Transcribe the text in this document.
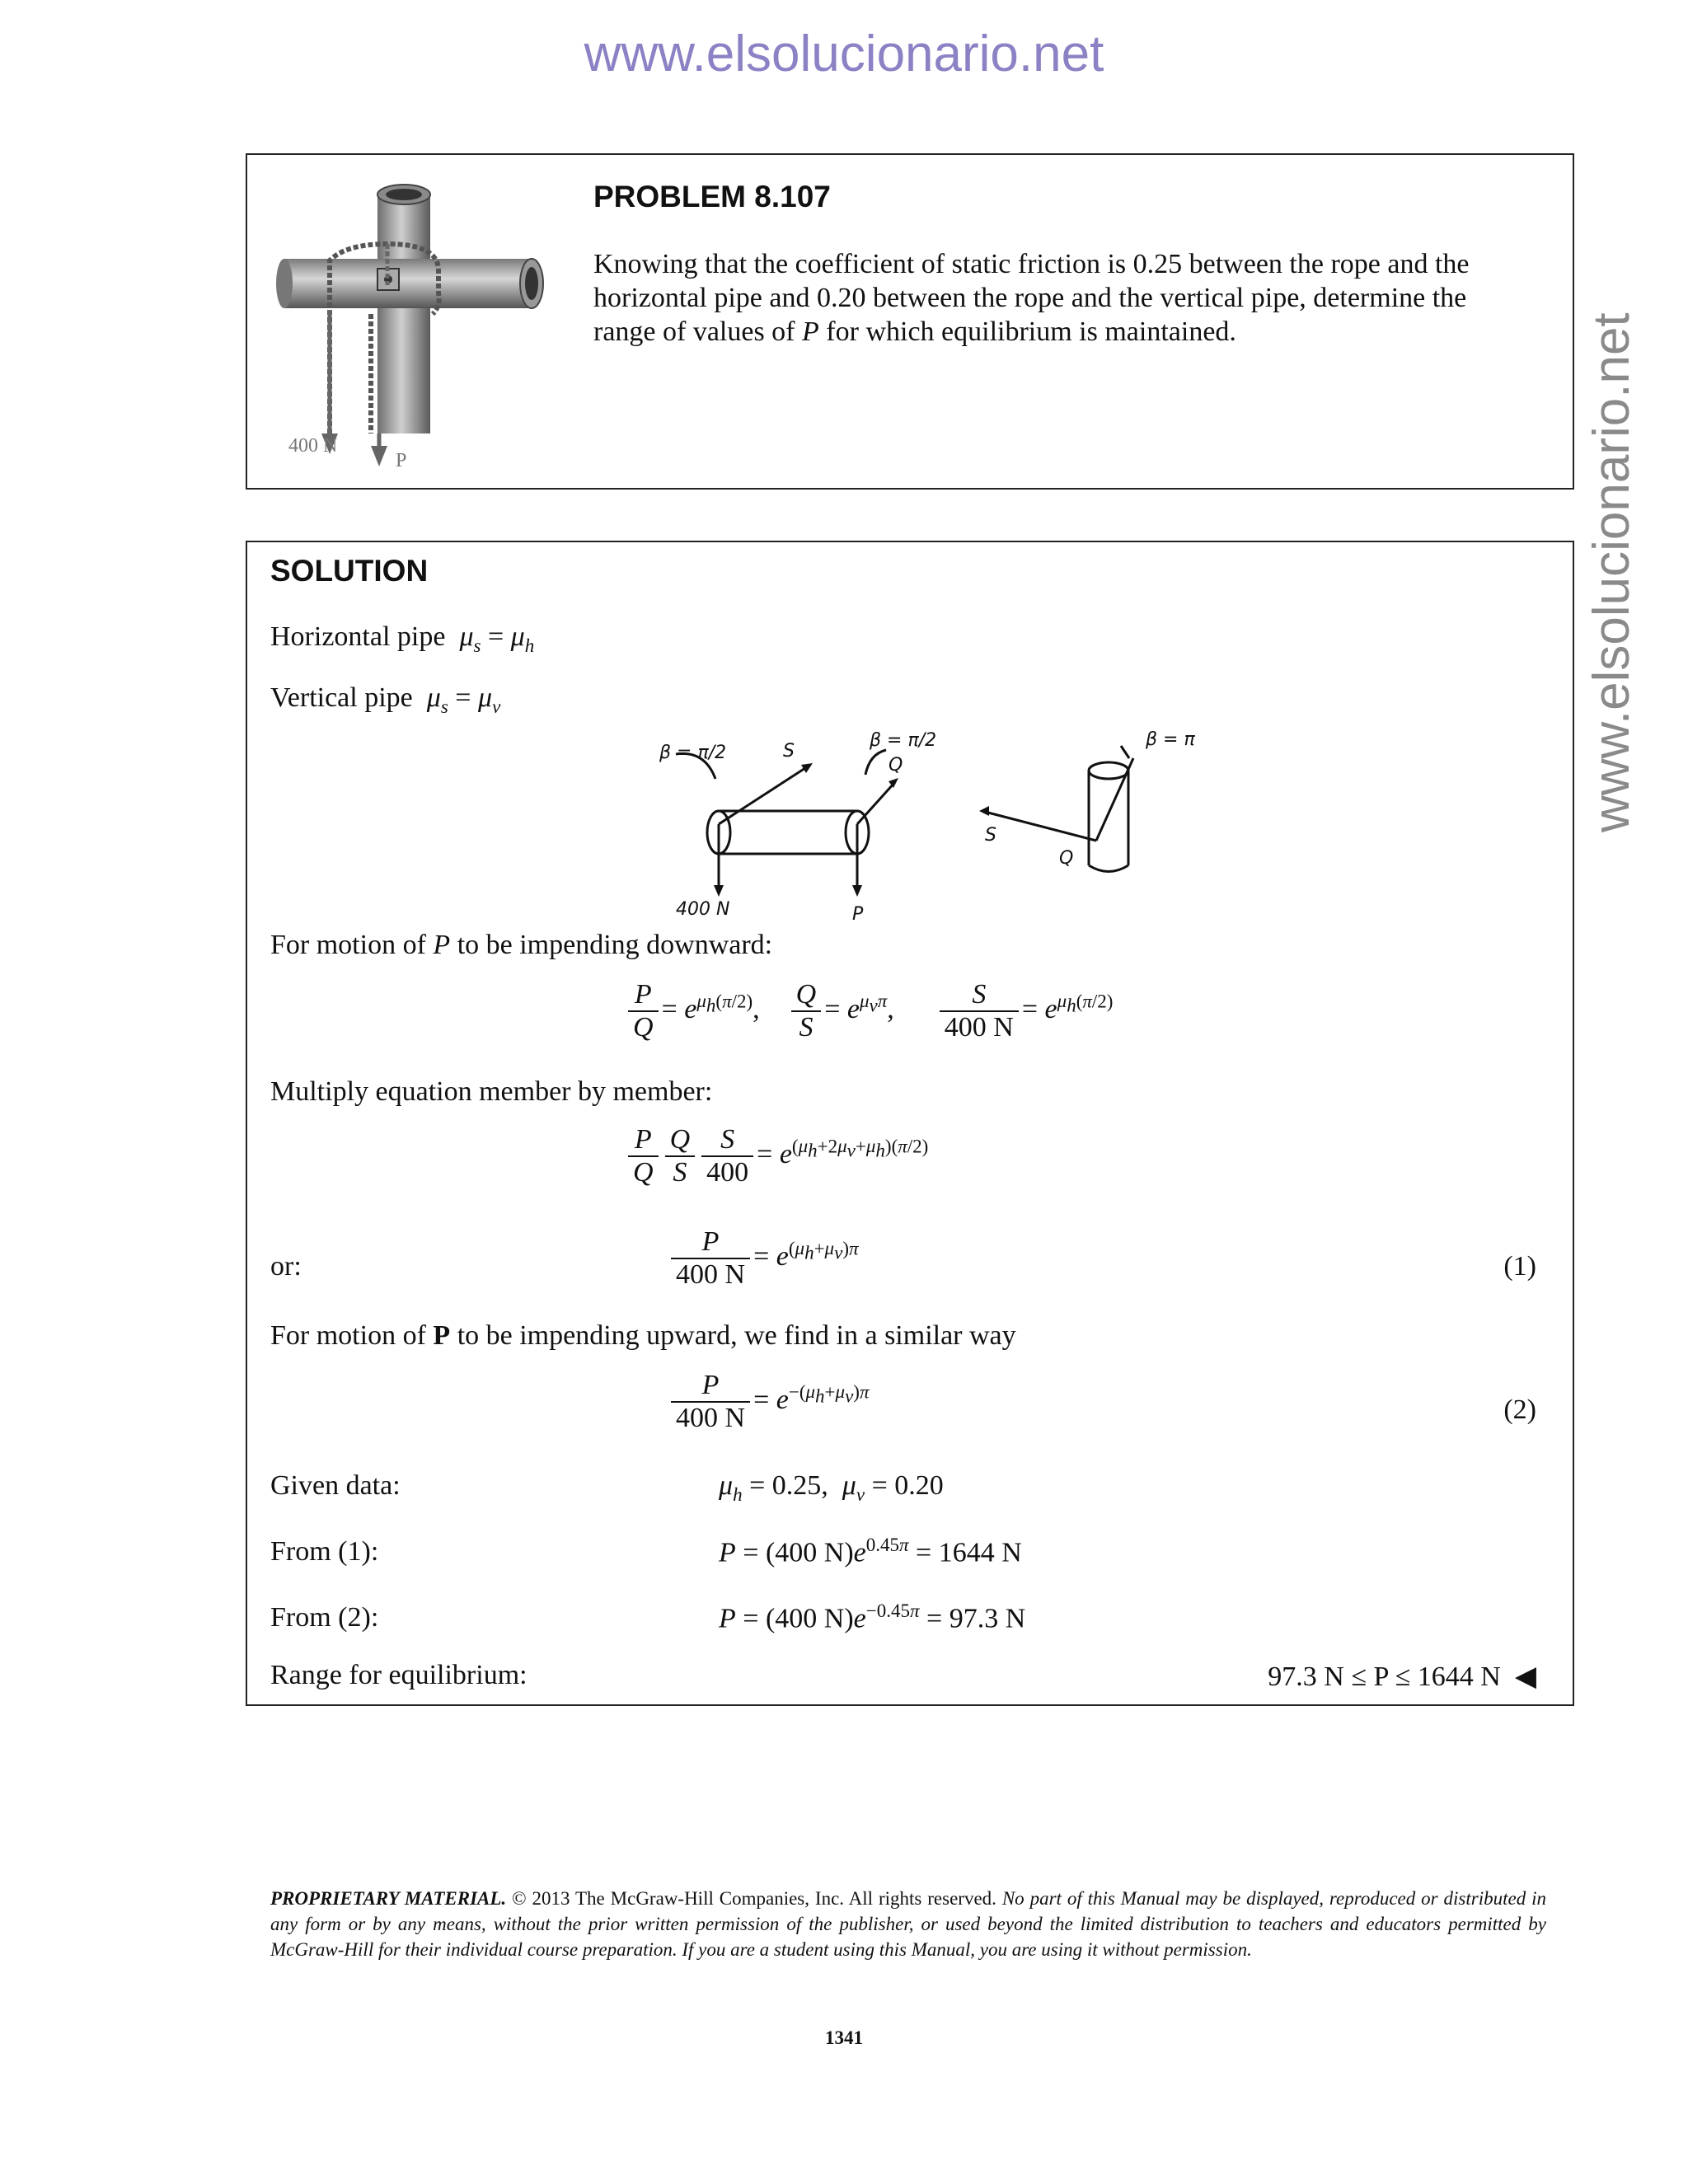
www.elsolucionario.net
www.elsolucionario.net
400 N
P
PROBLEM 8.107
Knowing that the coefficient of static friction is 0.25 between the rope and the horizontal pipe and 0.20 between the rope and the vertical pipe, determine the range of values of P for which equilibrium is maintained.
SOLUTION
Horizontal pipe $\mu_s = \mu_h$
Vertical pipe $\mu_s = \mu_v$
β = π/2	S
β = π/2
Q
400 N	P
β = π
S
Q
For motion of P to be impending downward:
$\frac{P}{Q} = e^{\mu_h(\pi/2)}$, $\frac{Q}{S} = e^{\mu_v\pi}$, $\frac{S}{400 N} = e^{\mu_h(\pi/2)}$
Multiply equation member by member:
$\frac{P}{Q} \frac{Q}{S} \frac{S}{400} = e^{(\mu_h+2\mu_v+\mu_h)(\pi/2)}$
or:	$\frac{P}{400 N} = e^{(\mu_h+\mu_v)\pi}$
(1)
For motion of P to be impending upward, we find in a similar way
$\frac{P}{400 N} = e^{-(\mu_h+\mu_v)\pi}$
(2)
Given data:	$\mu_h = 0.25$,  $\mu_v = 0.20$
From (1):	P = (400 $N)e^{0.45\pi} = 1644$ N
From (2):	P = (400 $N)e^{-0.45\pi} = 97.3$ N
Range for equilibrium:	97.3 N ≤ P ≤ 1644 N ◀
PROPRIETARY MATERIAL. © 2013 The McGraw-Hill Companies, Inc. All rights reserved. No part of this Manual may be displayed, reproduced or distributed in any form or by any means, without the prior written permission of the publisher, or used beyond the limited distribution to teachers and educators permitted by McGraw-Hill for their individual course preparation. If you are a student using this Manual, you are using it without permission.
1341
